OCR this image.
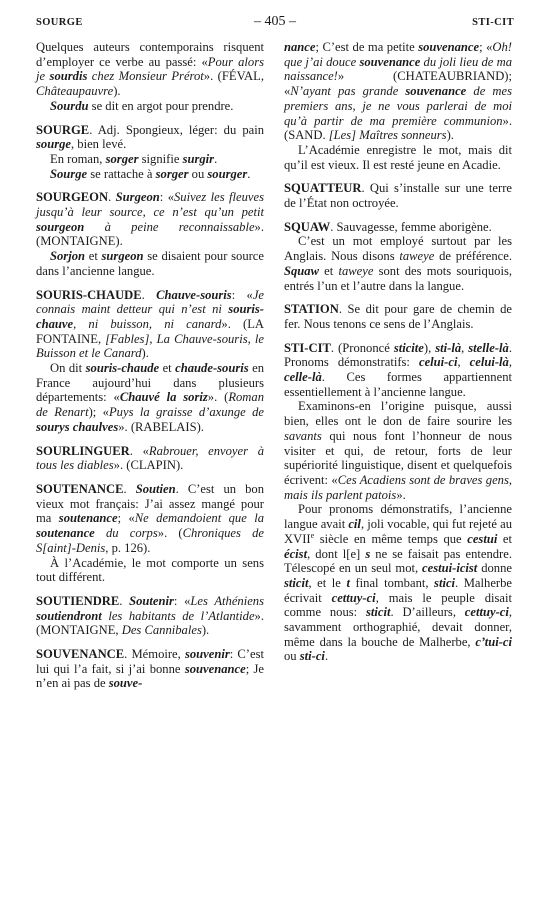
SOURGE	– 405 –	STI-CIT

Quelques auteurs contemporains risquent d’employer ce verbe au passé: «Pour alors je sourdis chez Monsieur Prérot». (FÉVAL, Châteaupauvre).

Sourdu se dit en argot pour prendre.

SOURGE. Adj. Spongieux, léger: du pain sourge, bien levé.

En roman, sorger signifie surgir.

Sourge se rattache à sorger ou sourger.

SOURGEON. Surgeon: «Suivez les fleuves jusqu’à leur source, ce n’est qu’un petit sourgeon à peine reconnaissable». (MONTAIGNE).

Sorjon et surgeon se disaient pour source dans l’ancienne langue.

SOURIS-CHAUDE. Chauve-souris: «Je connais maint detteur qui n’est ni souris-chauve, ni buisson, ni canard». (LA FONTAINE, [Fables], La Chauve-souris, le Buisson et le Canard).

On dit souris-chaude et chaude-souris en France aujourd’hui dans plusieurs départements: «Chauvé la soriz». (Roman de Renart); «Puys la graisse d’axunge de sourys chaulves». (RABELAIS).

SOURLINGUER. «Rabrouer, envoyer à tous les diables». (CLAPIN).

SOUTENANCE. Soutien. C’est un bon vieux mot français: J’ai assez mangé pour ma soutenance; «Ne demandoient que la soutenance du corps». (Chroniques de S[aint]-Denis, p. 126).

À l’Académie, le mot comporte un sens tout différent.

SOUTIENDRE. Soutenir: «Les Athéniens soutiendront les habitants de l’Atlantide». (MONTAIGNE, Des Cannibales).

SOUVENANCE. Mémoire, souvenir: C’est lui qui l’a fait, si j’ai bonne souvenance; Je n’en ai pas de souve-

nance; C’est de ma petite souvenance; «Oh! que j’ai douce souvenance du joli lieu de ma naissance!» (CHATEAUBRIAND); «N’ayant pas grande souvenance de mes premiers ans, je ne vous parlerai de moi qu’à partir de ma première communion». (SAND. [Les] Maîtres sonneurs).

L’Académie enregistre le mot, mais dit qu’il est vieux. Il est resté jeune en Acadie.

SQUATTEUR. Qui s’installe sur une terre de l’État non octroyée.

SQUAW. Sauvagesse, femme aborigène.

C’est un mot employé surtout par les Anglais. Nous disons taweye de préférence. Squaw et taweye sont des mots souriquois, entrés l’un et l’autre dans la langue.

STATION. Se dit pour gare de chemin de fer. Nous tenons ce sens de l’Anglais.

STI-CIT. (Prononcé sticite), sti-là, stelle-là. Pronoms démonstratifs: celui-ci, celui-là, celle-là. Ces formes appartiennent essentiellement à l’ancienne langue.

Examinons-en l’origine puisque, aussi bien, elles ont le don de faire sourire les savants qui nous font l’honneur de nous visiter et qui, de retour, forts de leur supériorité linguistique, disent et quelquefois écrivent: «Ces Acadiens sont de braves gens, mais ils parlent patois».

Pour pronoms démonstratifs, l’ancienne langue avait cil, joli vocable, qui fut rejeté au XVIIe siècle en même temps que cestui et écist, dont l[e] s ne se faisait pas entendre. Télescopé en un seul mot, cestui-icist donne sticit, et le t final tombant, stici. Malherbe écrivait cettuy-ci, mais le peuple disait comme nous: sticit. D’ailleurs, cettuy-ci, savamment orthographié, devait donner, même dans la bouche de Malherbe, c’tui-ci ou sti-ci.
